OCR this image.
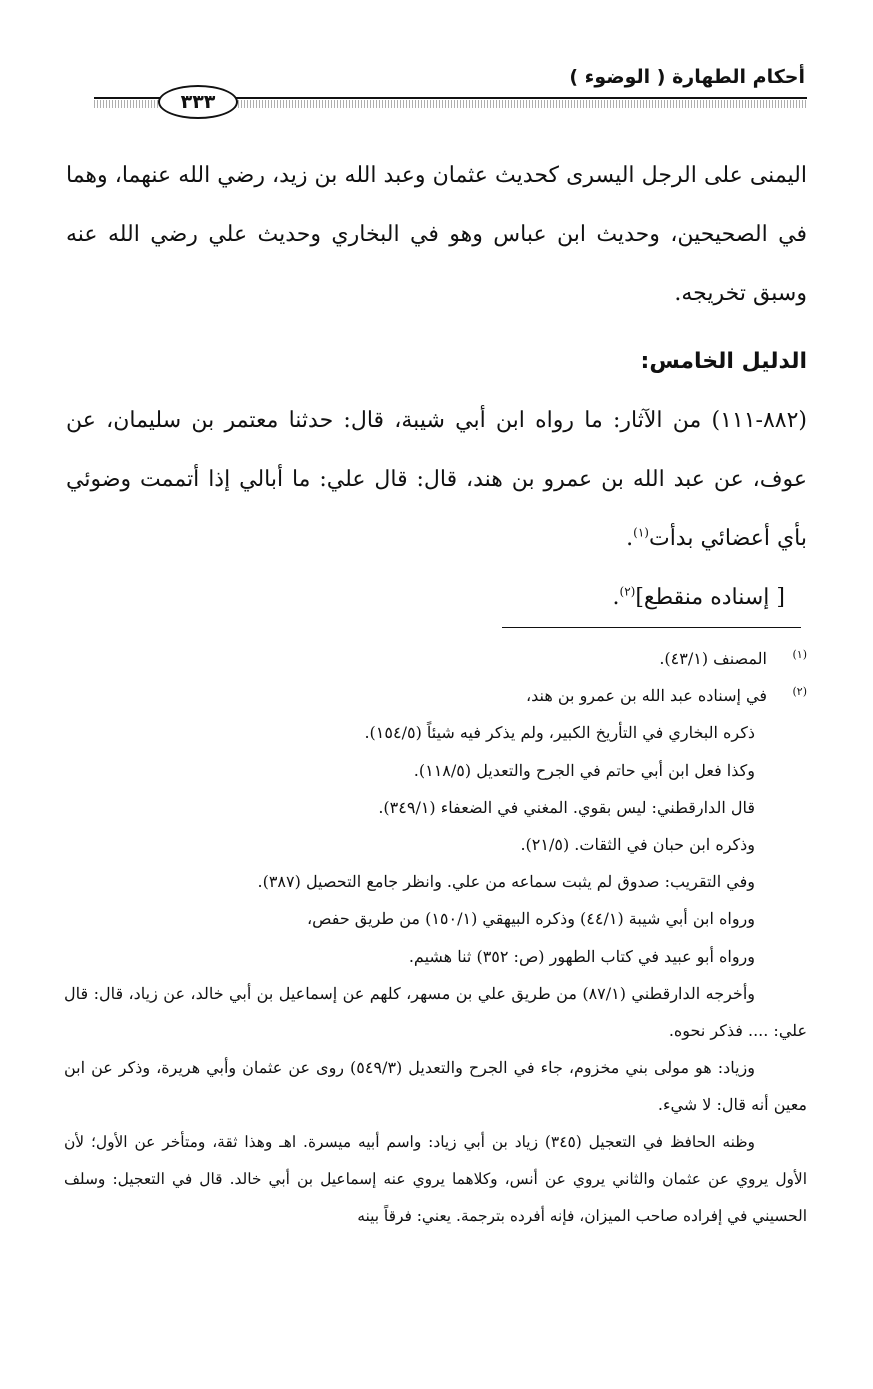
أحكام الطهارة ( الوضوء )
٣٣٣

اليمنى على الرجل اليسرى كحديث عثمان وعبد الله بن زيد، رضي الله عنهما، وهما في الصحيحين، وحديث ابن عباس وهو في البخاري وحديث علي رضي الله عنه وسبق تخريجه.

الدليل الخامس:

(٨٨٢-١١١) من الآثار: ما رواه ابن أبي شيبة، قال: حدثنا معتمر بن سليمان، عن عوف، عن عبد الله بن عمرو بن هند، قال: قال علي: ما أبالي إذا أتممت وضوئي بأي أعضائي بدأت$^{(١)}$.

[ إسناده منقطع]$^{(٢)}$.

(١)المصنف (٤٣/١).

(٢)في إسناده عبد الله بن عمرو بن هند،

ذكره البخاري في التأريخ الكبير، ولم يذكر فيه شيئاً (١٥٤/٥).

وكذا فعل ابن أبي حاتم في الجرح والتعديل (١١٨/٥).

قال الدارقطني: ليس بقوي. المغني في الضعفاء (٣٤٩/١).

وذكره ابن حبان في الثقات. (٢١/٥).

وفي التقريب: صدوق لم يثبت سماعه من علي. وانظر جامع التحصيل (٣٨٧).

ورواه ابن أبي شيبة (٤٤/١) وذكره البيهقي (١٥٠/١) من طريق حفص،

ورواه أبو عبيد في كتاب الطهور (ص: ٣٥٢) ثنا هشيم.

وأخرجه الدارقطني (٨٧/١) من طريق علي بن مسهر، كلهم عن إسماعيل بن أبي خالد، عن زياد، قال: قال علي: .... فذكر نحوه.

وزياد: هو مولى بني مخزوم، جاء في الجرح والتعديل (٥٤٩/٣) روى عن عثمان وأبي هريرة، وذكر عن ابن معين أنه قال: لا شيء.

وظنه الحافظ في التعجيل (٣٤٥) زياد بن أبي زياد: واسم أبيه ميسرة. اهـ وهذا ثقة، ومتأخر عن الأول؛ لأن الأول يروي عن عثمان والثاني يروي عن أنس، وكلاهما يروي عنه إسماعيل بن أبي خالد. قال في التعجيل: وسلف الحسيني في إفراده صاحب الميزان، فإنه أفرده بترجمة. يعني: فرقاً بينه
